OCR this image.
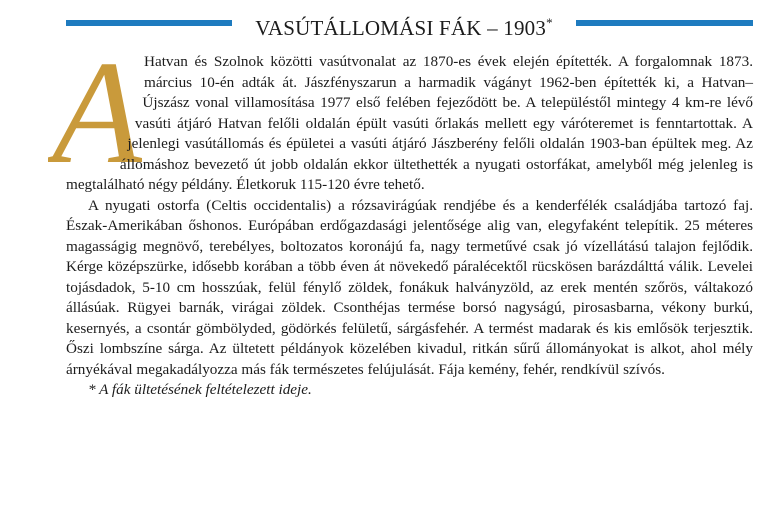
VASÚTÁLLOMÁSI FÁK – 1903*
A Hatvan és Szolnok közötti vasútvonalat az 1870-es évek elején építették. A forgalomnak 1873. március 10-én adták át. Jászfényszarun a harmadik vágányt 1962-ben építették ki, a Hatvan–Újszász vonal villamosítása 1977 első felében fejeződött be. A településtől mintegy 4 km-re lévő vasúti átjáró Hatvan felőli oldalán épült vasúti őrlakás mellett egy váróteremet is fenntartottak. A jelenlegi vasútállomás és épületei a vasúti átjáró Jászberény felőli oldalán 1903-ban épültek meg. Az állomáshoz bevezető út jobb oldalán ekkor ültethették a nyugati ostorfákat, amelyből még jelenleg is megtalálható négy példány. Életkoruk 115-120 évre tehető.

A nyugati ostorfa (Celtis occidentalis) a rózsavirágúak rendjébe és a kenderfélék családjába tartozó faj. Észak-Amerikában őshonos. Európában erdőgazdasági jelentősége alig van, elegyfaként telepítik. 25 méteres magasságig megnövő, terebélyes, boltozatos koronájú fa, nagy termetűvé csak jó vízellátású talajon fejlődik. Kérge középszürke, idősebb korában a több éven át növekedő páralécektől rücskösen barázdálttá válik. Levelei tojásdadok, 5-10 cm hosszúak, felül fénylő zöldek, fonákuk halványzöld, az erek mentén szőrös, váltakozó állásúak. Rügyei barnák, virágai zöldek. Csonthéjas termése borsó nagyságú, pirosasbarna, vékony burkú, kesernyés, a csontár gömbölyded, gödörkés felületű, sárgásfehér. A termést madarak és kis emlősök terjesztik. Őszi lombszíne sárga. Az ültetett példányok közelében kivadul, ritkán sűrű állományokat is alkot, ahol mély árnyékával megakadályozza más fák természetes felújulását. Fája kemény, fehér, rendkívül szívós.

* A fák ültetésének feltételezett ideje.
